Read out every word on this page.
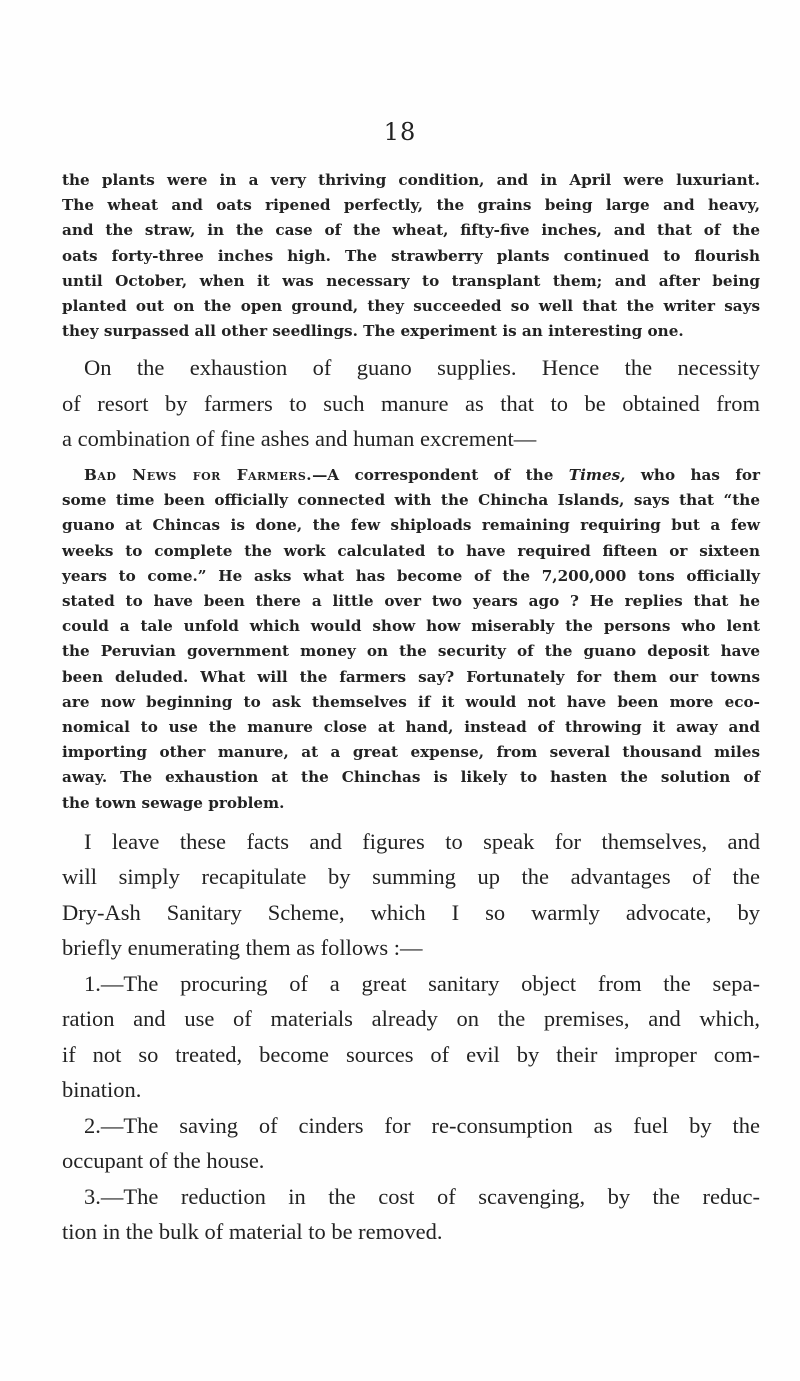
18

the plants were in a very thriving condition, and in April were luxuriant.
The wheat and oats ripened perfectly, the grains being large and heavy,
and the straw, in the case of the wheat, fifty-five inches, and that of the
oats forty-three inches high. The strawberry plants continued to flourish
until October, when it was necessary to transplant them; and after being
planted out on the open ground, they succeeded so well that the writer says
they surpassed all other seedlings. The experiment is an interesting one.

On the exhaustion of guano supplies. Hence the necessity
of resort by farmers to such manure as that to be obtained from
a combination of fine ashes and human excrement—

Bad News for Farmers.—A correspondent of the Times, who has for
some time been officially connected with the Chincha Islands, says that “the
guano at Chincas is done, the few shiploads remaining requiring but a few
weeks to complete the work calculated to have required fifteen or sixteen
years to come.” He asks what has become of the 7,200,000 tons officially
stated to have been there a little over two years ago ? He replies that he
could a tale unfold which would show how miserably the persons who lent
the Peruvian government money on the security of the guano deposit have
been deluded. What will the farmers say? Fortunately for them our towns
are now beginning to ask themselves if it would not have been more eco-
nomical to use the manure close at hand, instead of throwing it away and
importing other manure, at a great expense, from several thousand miles
away. The exhaustion at the Chinchas is likely to hasten the solution of
the town sewage problem.

I leave these facts and figures to speak for themselves, and
will simply recapitulate by summing up the advantages of the
Dry-Ash Sanitary Scheme, which I so warmly advocate, by
briefly enumerating them as follows :—

1.—The procuring of a great sanitary object from the sepa-
ration and use of materials already on the premises, and which,
if not so treated, become sources of evil by their improper com-
bination.

2.—The saving of cinders for re-consumption as fuel by the
occupant of the house.

3.—The reduction in the cost of scavenging, by the reduc-
tion in the bulk of material to be removed.
